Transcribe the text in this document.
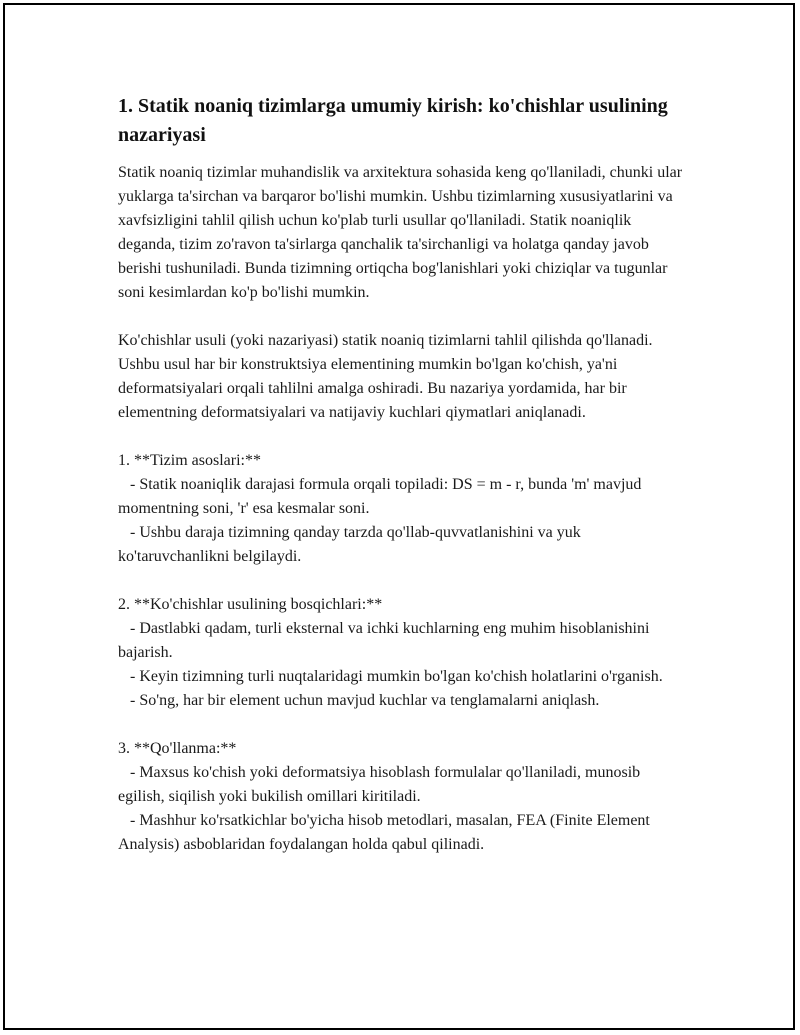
1. Statik noaniq tizimlarga umumiy kirish: ko'chishlar usulining nazariyasi

Statik noaniq tizimlar muhandislik va arxitektura sohasida keng qo'llaniladi, chunki ular yuklarga ta'sirchan va barqaror bo'lishi mumkin. Ushbu tizimlarning xususiyatlarini va xavfsizligini tahlil qilish uchun ko'plab turli usullar qo'llaniladi. Statik noaniqlik deganda, tizim zo'ravon ta'sirlarga qanchalik ta'sirchanligi va holatga qanday javob berishi tushuniladi. Bunda tizimning ortiqcha bog'lanishlari yoki chiziqlar va tugunlar soni kesimlardan ko'p bo'lishi mumkin.

Ko'chishlar usuli (yoki nazariyasi) statik noaniq tizimlarni tahlil qilishda qo'llanadi. Ushbu usul har bir konstruktsiya elementining mumkin bo'lgan ko'chish, ya'ni deformatsiyalari orqali tahlilni amalga oshiradi. Bu nazariya yordamida, har bir elementning deformatsiyalari va natijaviy kuchlari qiymatlari aniqlanadi.

1. **Tizim asoslari:**

- Statik noaniqlik darajasi formula orqali topiladi: DS = m - r, bunda 'm' mavjud momentning soni, 'r' esa kesmalar soni.

- Ushbu daraja tizimning qanday tarzda qo'llab-quvvatlanishini va yuk ko'taruvchanlikni belgilaydi.

2. **Ko'chishlar usulining bosqichlari:**

- Dastlabki qadam, turli eksternal va ichki kuchlarning eng muhim hisoblanishini bajarish.

- Keyin tizimning turli nuqtalaridagi mumkin bo'lgan ko'chish holatlarini o'rganish.

- So'ng, har bir element uchun mavjud kuchlar va tenglamalarni aniqlash.

3. **Qo'llanma:**

- Maxsus ko'chish yoki deformatsiya hisoblash formulalar qo'llaniladi, munosib egilish, siqilish yoki bukilish omillari kiritiladi.

- Mashhur ko'rsatkichlar bo'yicha hisob metodlari, masalan, FEA (Finite Element Analysis) asboblaridan foydalangan holda qabul qilinadi.
